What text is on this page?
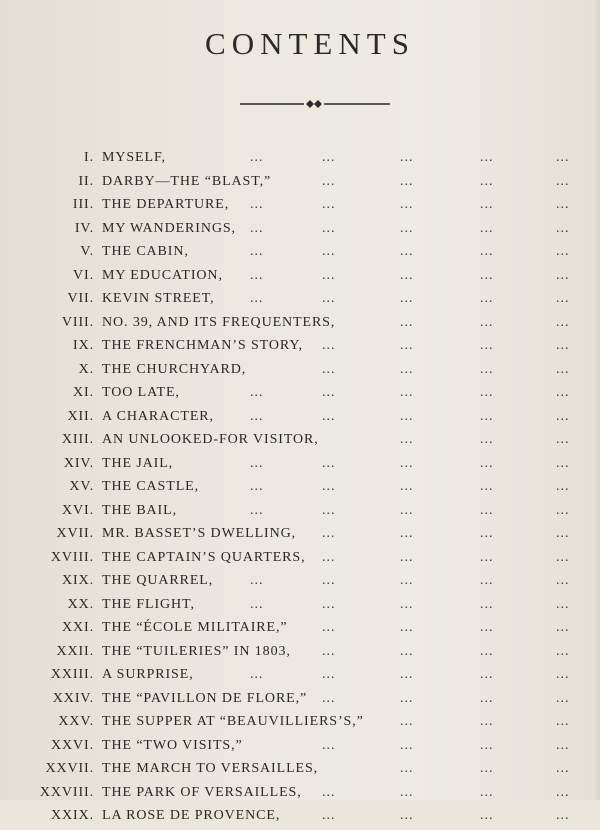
CONTENTS
I. MYSELF,	...	...	...	...	...
II. DARBY—THE “BLAST,”	...	...	...	...
III. THE DEPARTURE, ...	...	...	...	...
IV. MY WANDERINGS, ...	...	...	...	...
V. THE CABIN,	...	...	...	...	...
VI. MY EDUCATION, ...	...	...	...	...
VII. KEVIN STREET,	...	...	...	...	...
VIII. NO. 39, AND ITS FREQUENTERS,	...	...	...
IX. THE FRENCHMAN’S STORY, ...	...	...	...
X. THE CHURCHYARD,	...	...	...	...
XI. TOO LATE,	...	...	...	...	...
XII. A CHARACTER,	...	...	...	...	...
XIII. AN UNLOOKED-FOR VISITOR,	...	...	...
XIV. THE JAIL,	...	...	...	...	...
XV. THE CASTLE,	...	...	...	...	...
XVI. THE BAIL,	...	...	...	...	...
XVII. MR. BASSET’S DWELLING, ...	...	...	...
XVIII. THE CAPTAIN’S QUARTERS, ...	...	...	...
XIX. THE QUARREL,	...	...	...	...	...
XX. THE FLIGHT,	...	...	...	...	...
XXI. THE “ÉCOLE MILITAIRE,” ...	...	...	...
XXII. THE “TUILERIES” IN 1803, ...	...	...	...
XXIII. A SURPRISE,	...	...	...	...	...
XXIV. THE “PAVILLON DE FLORE,” ...	...	...	...
XXV. THE SUPPER AT “BEAUVILLIERS’S,”	...	...	...
XXVI. THE “TWO VISITS,”	...	...	...	...
XXVII. THE MARCH TO VERSAILLES,	...	...	...
XXVIII. THE PARK OF VERSAILLES, ...	...	...	...
XXIX. LA ROSE DE PROVENCE,	...	...	...	...
